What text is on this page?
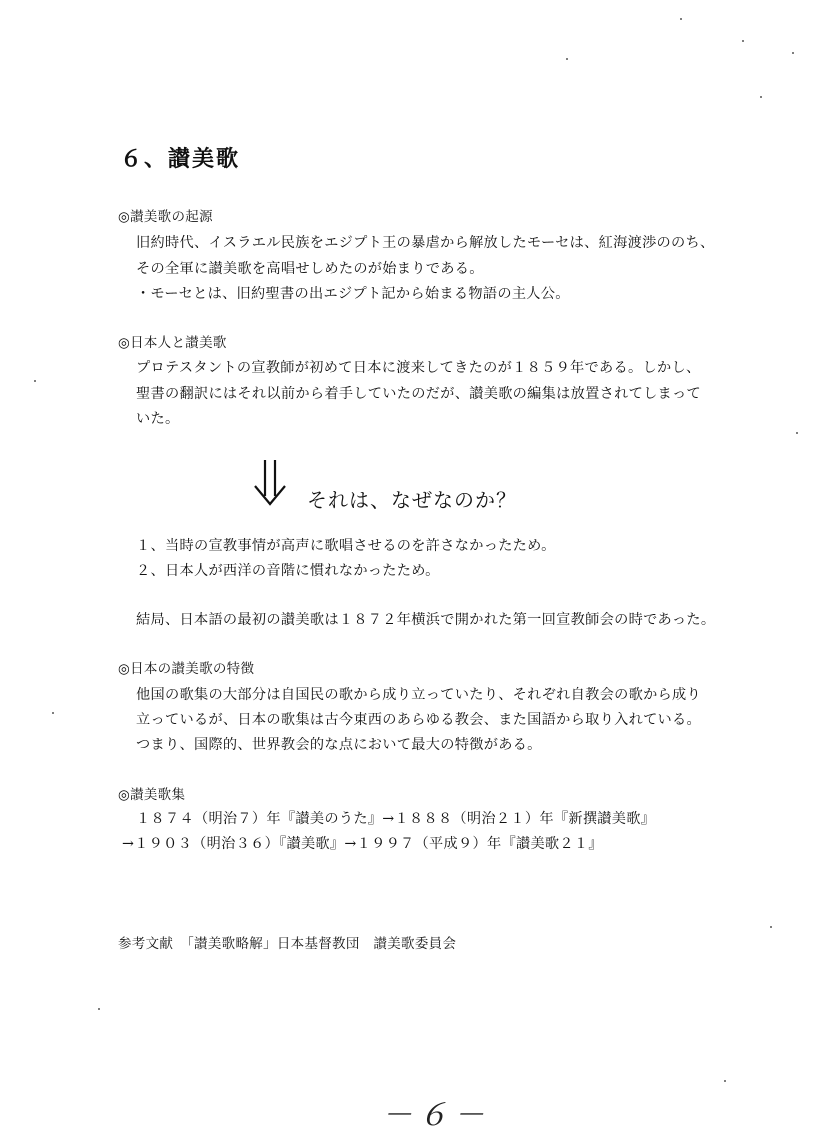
６、讃美歌
◎讃美歌の起源
旧約時代、イスラエル民族をエジプト王の暴虐から解放したモーセは、紅海渡渉ののち、
その全軍に讃美歌を高唱せしめたのが始まりである。
・モーセとは、旧約聖書の出エジプト記から始まる物語の主人公。
◎日本人と讃美歌
プロテスタントの宣教師が初めて日本に渡来してきたのが１８５９年である。しかし、
聖書の翻訳にはそれ以前から着手していたのだが、讃美歌の編集は放置されてしまって
いた。
それは、なぜなのか？
１、当時の宣教事情が高声に歌唱させるのを許さなかったため。
２、日本人が西洋の音階に慣れなかったため。
結局、日本語の最初の讃美歌は１８７２年横浜で開かれた第一回宣教師会の時であった。
◎日本の讃美歌の特徴
他国の歌集の大部分は自国民の歌から成り立っていたり、それぞれ自教会の歌から成り
立っているが、日本の歌集は古今東西のあらゆる教会、また国語から取り入れている。
つまり、国際的、世界教会的な点において最大の特徴がある。
◎讃美歌集
１８７４（明治７）年『讃美のうた』→１８８８（明治２１）年『新撰讃美歌』
→１９０３（明治３６）『讃美歌』→１９９７（平成９）年『讃美歌２１』
参考文献　「讃美歌略解」日本基督教団　讃美歌委員会
－６－
